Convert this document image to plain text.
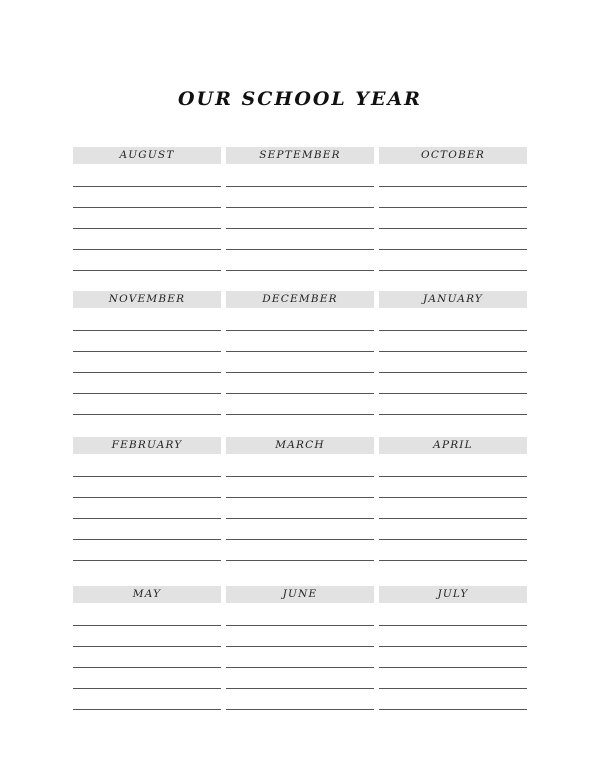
OUR SCHOOL YEAR
AUGUST	SEPTEMBER	OCTOBER
NOVEMBER	DECEMBER	JANUARY
FEBRUARY	MARCH	APRIL
MAY	JUNE	JULY
